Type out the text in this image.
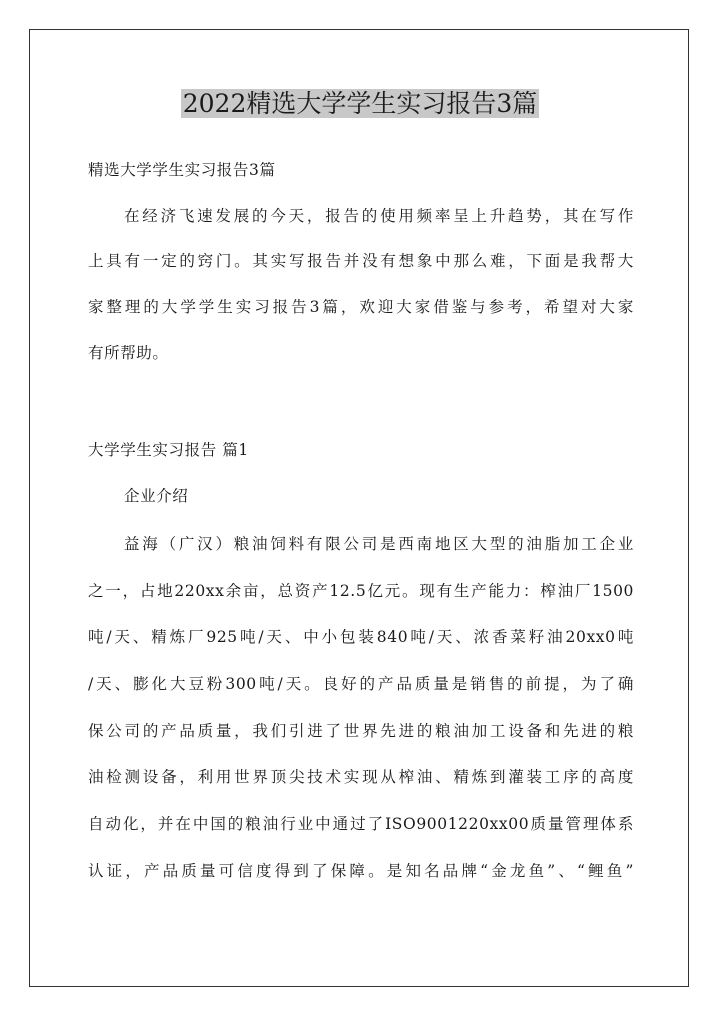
2022精选大学学生实习报告3篇
精选大学学生实习报告3篇
在经济飞速发展的今天，报告的使用频率呈上升趋势，其在写作
上具有一定的窍门。其实写报告并没有想象中那么难，下面是我帮大
家整理的大学学生实习报告3篇，欢迎大家借鉴与参考，希望对大家
有所帮助。
大学学生实习报告 篇1
企业介绍
益海（广汉）粮油饲料有限公司是西南地区大型的油脂加工企业
之一，占地220xx余亩，总资产12.5亿元。现有生产能力：榨油厂1500
吨/天、精炼厂925吨/天、中小包装840吨/天、浓香菜籽油20xx0吨
/天、膨化大豆粉300吨/天。良好的产品质量是销售的前提，为了确
保公司的产品质量，我们引进了世界先进的粮油加工设备和先进的粮
油检测设备，利用世界顶尖技术实现从榨油、精炼到灌装工序的高度
自动化，并在中国的粮油行业中通过了ISO9001220xx00质量管理体系
认证，产品质量可信度得到了保障。是知名品牌“金龙鱼”、“鲤鱼”
